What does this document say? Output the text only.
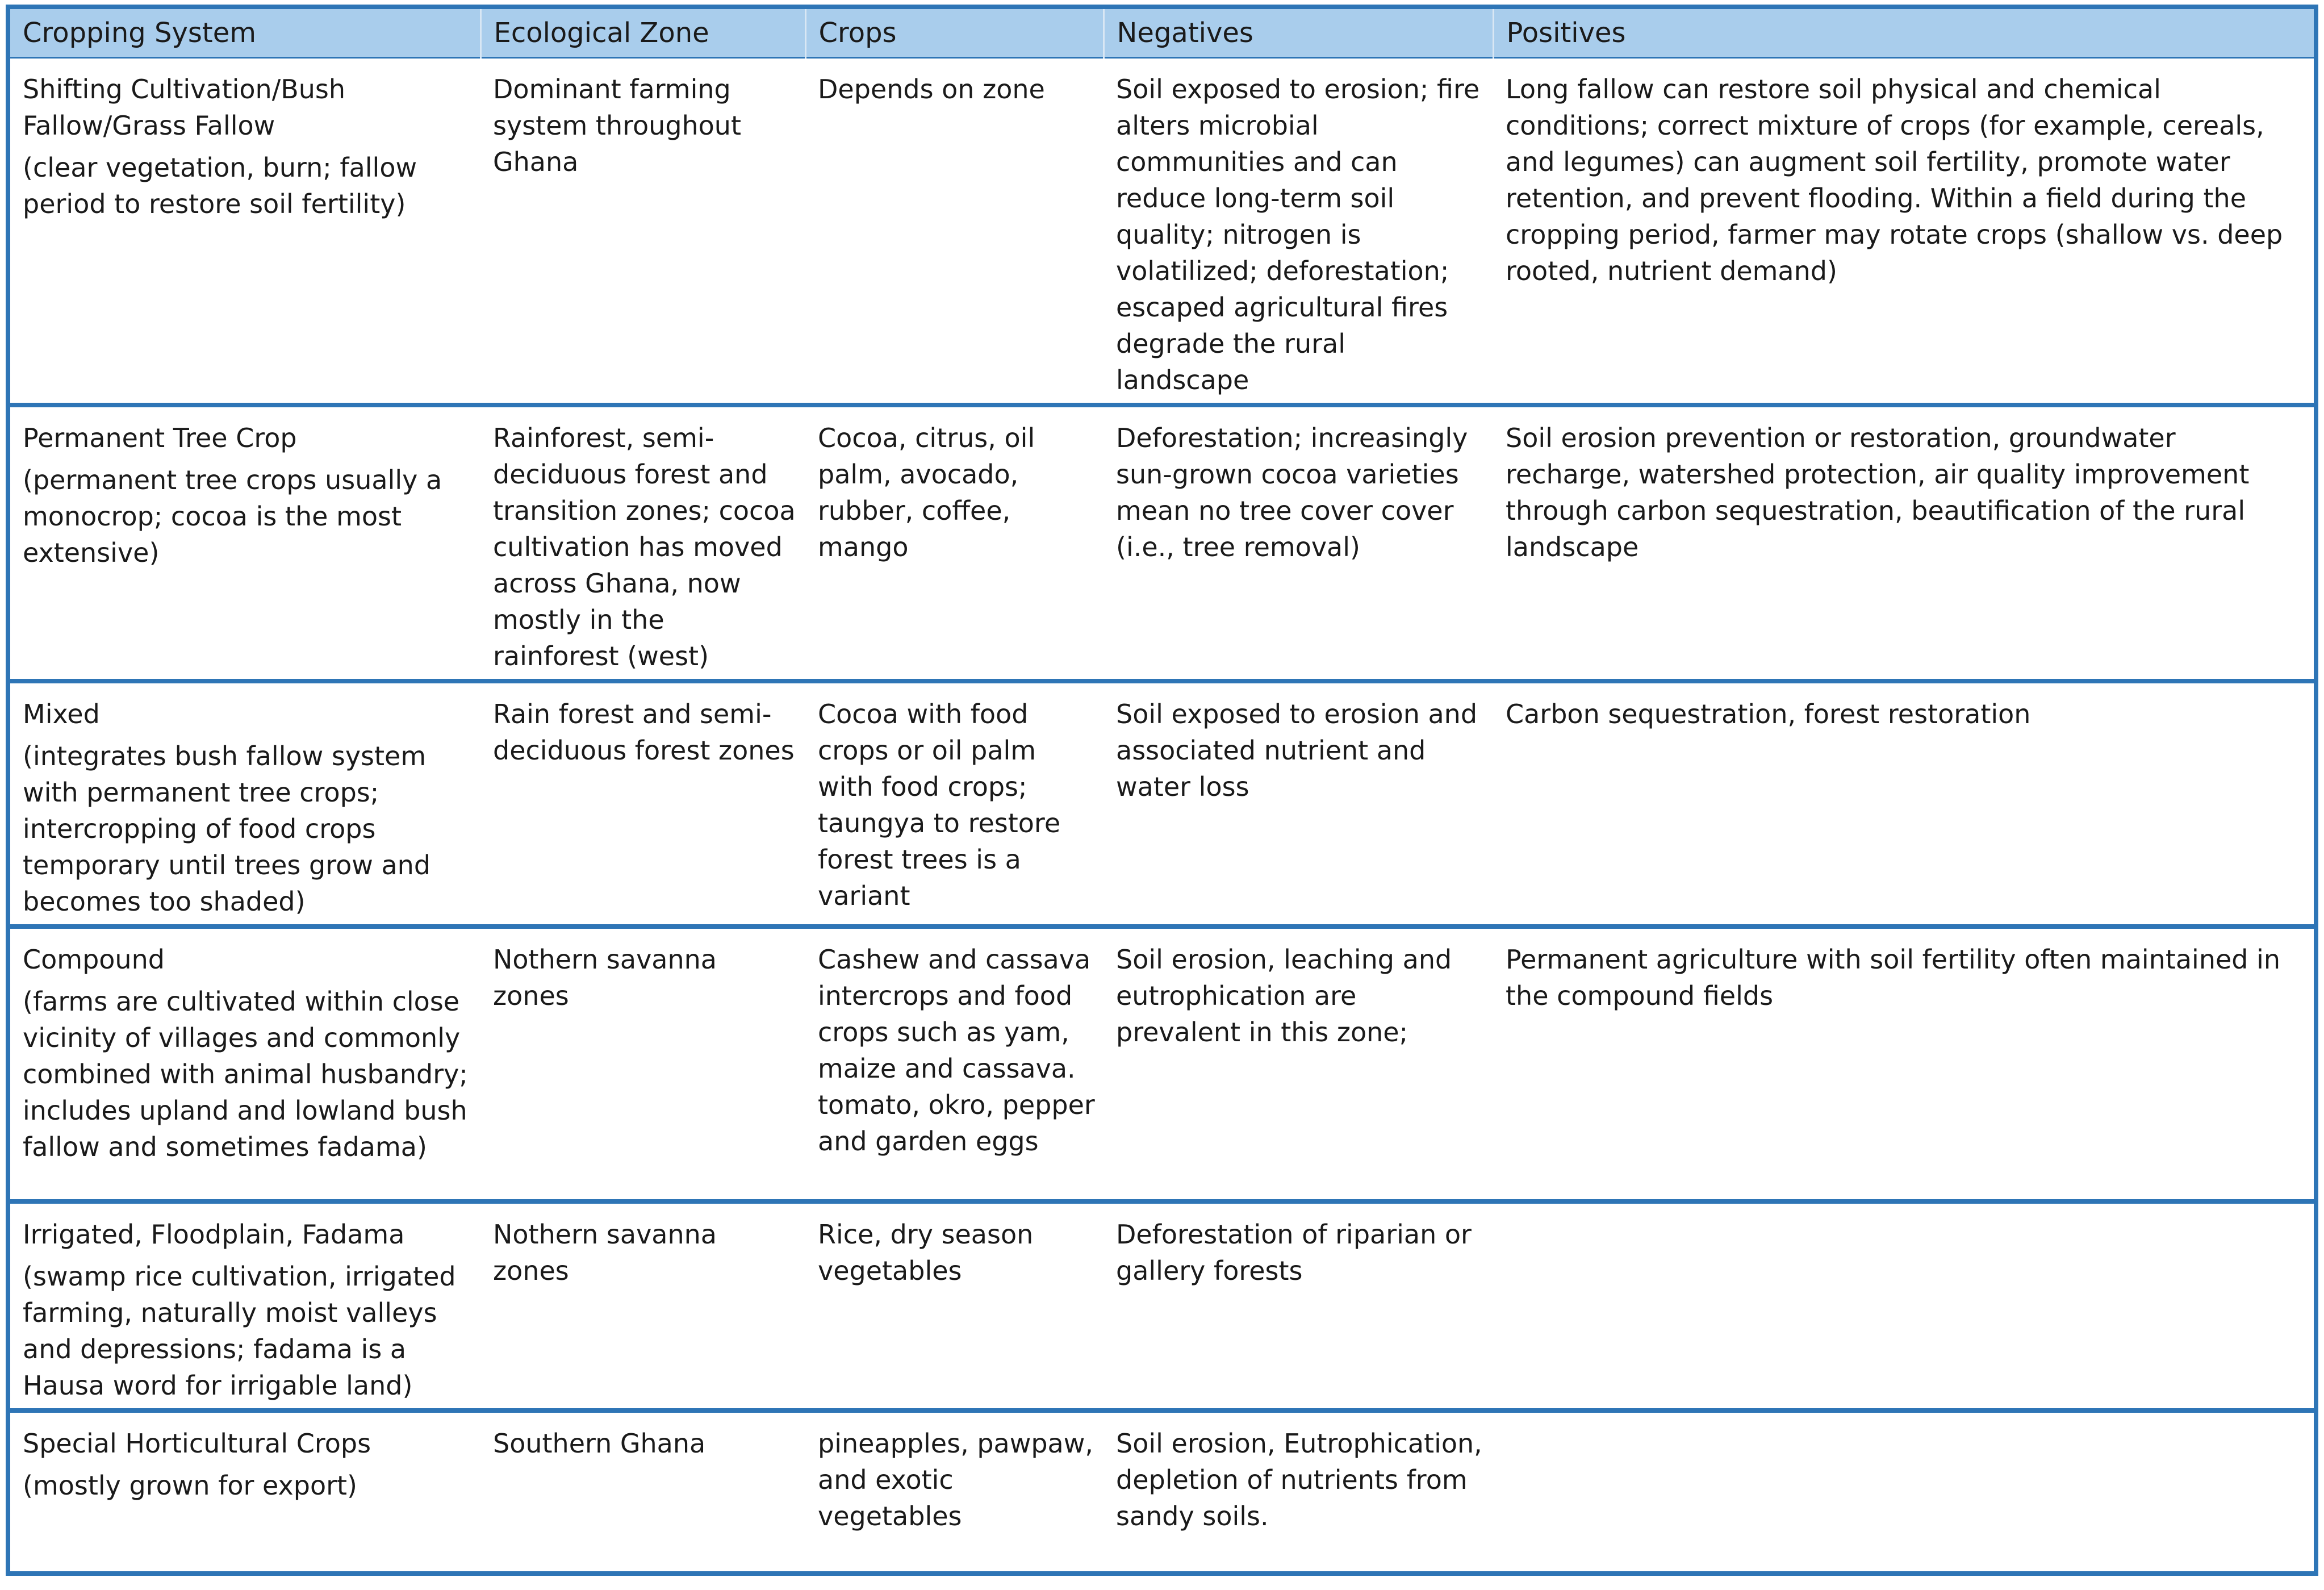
Cropping System	Ecological Zone	Crops	Negatives	Positives
Shifting Cultivation/Bush Fallow/Grass Fallow
(clear vegetation, burn; fallow period to restore soil fertility)	Dominant farming system throughout Ghana	Depends on zone	Soil exposed to erosion; fire alters microbial communities and can reduce long-term soil quality; nitrogen is volatilized; deforestation; escaped agricultural fires degrade the rural landscape	Long fallow can restore soil physical and chemical conditions; correct mixture of crops (for example, cereals, and legumes) can augment soil fertility, promote water retention, and prevent flooding. Within a field during the cropping period, farmer may rotate crops (shallow vs. deep rooted, nutrient demand)
Permanent Tree Crop
(permanent tree crops usually a monocrop; cocoa is the most extensive)	Rainforest, semi-deciduous forest and transition zones; cocoa cultivation has moved across Ghana, now mostly in the rainforest (west)	Cocoa, citrus, oil palm, avocado, rubber, coffee, mango	Deforestation; increasingly sun-grown cocoa varieties mean no tree cover cover (i.e., tree removal)	Soil erosion prevention or restoration, groundwater recharge, watershed protection, air quality improvement through carbon sequestration, beautification of the rural landscape
Mixed
(integrates bush fallow system with permanent tree crops; intercropping of food crops temporary until trees grow and becomes too shaded)	Rain forest and semi-deciduous forest zones	Cocoa with food crops or oil palm with food crops; taungya to restore forest trees is a variant	Soil exposed to erosion and associated nutrient and water loss	Carbon sequestration, forest restoration
Compound
(farms are cultivated within close vicinity of villages and commonly combined with animal husbandry; includes upland and lowland bush fallow and sometimes fadama)	Nothern savanna zones	Cashew and cassava intercrops and food crops such as yam, maize and cassava. tomato, okro, pepper and garden eggs	Soil erosion, leaching and eutrophication are prevalent in this zone;	Permanent agriculture with soil fertility often maintained in the compound fields
Irrigated, Floodplain, Fadama
(swamp rice cultivation, irrigated farming, naturally moist valleys and depressions; fadama is a Hausa word for irrigable land)	Nothern savanna zones	Rice, dry season vegetables	Deforestation of riparian or gallery forests	
Special Horticultural Crops
(mostly grown for export)	Southern Ghana	pineapples, pawpaw, and exotic vegetables	Soil erosion, Eutrophication, depletion of nutrients from sandy soils.	
